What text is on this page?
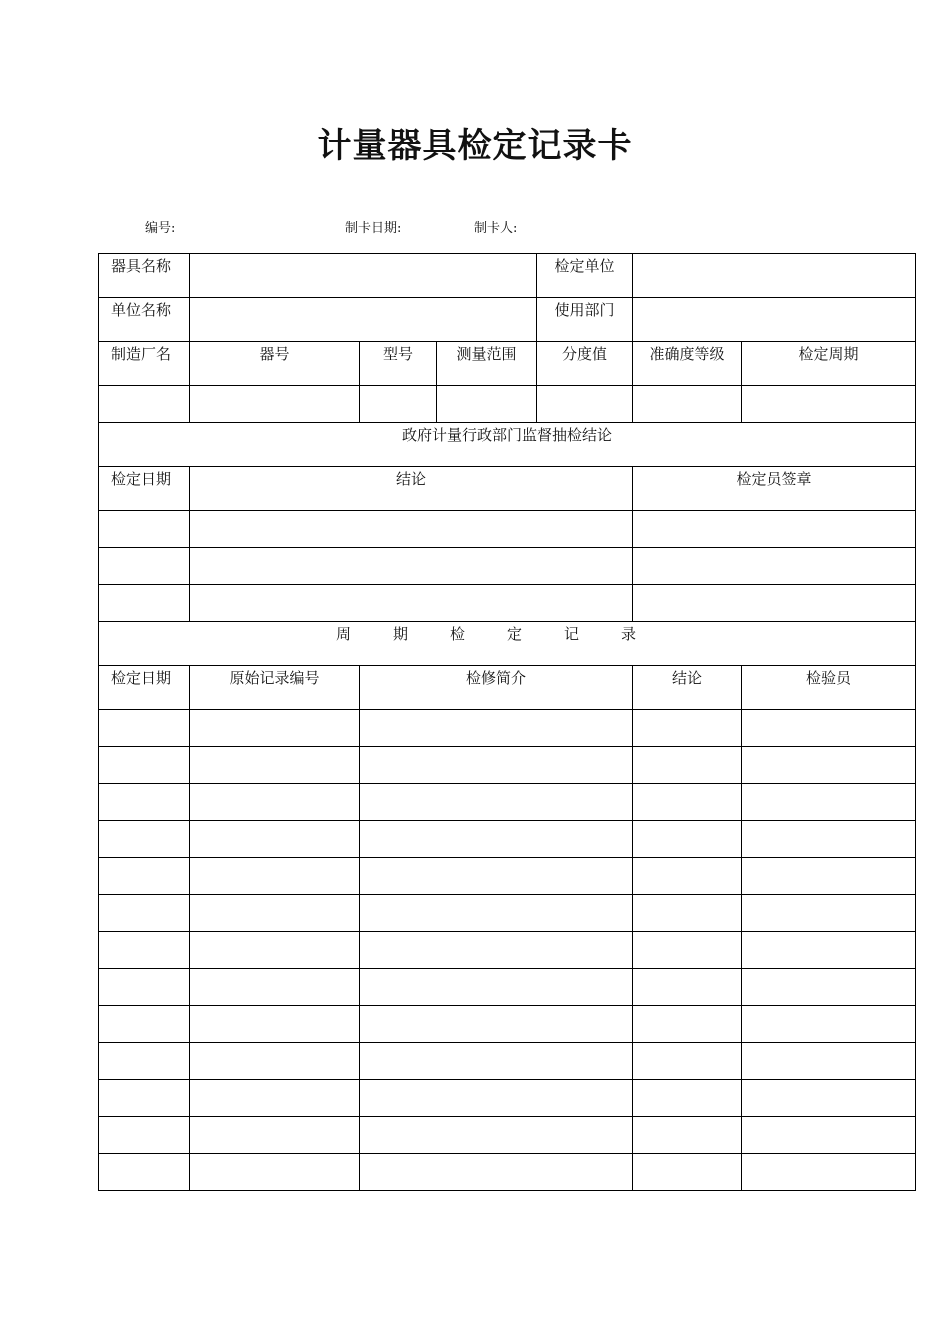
计量器具检定记录卡
编号:	制卡日期:	制卡人:
器具名称				检定单位		
单位名称				使用部门		
制造厂名	器号	型号	测量范围	分度值	准确度等级	检定周期

政府计量行政部门监督抽检结论						
检定日期	结论				检定员签章	

周期检定记录						
检定日期	原始记录编号	检修简介			结论	检验员
